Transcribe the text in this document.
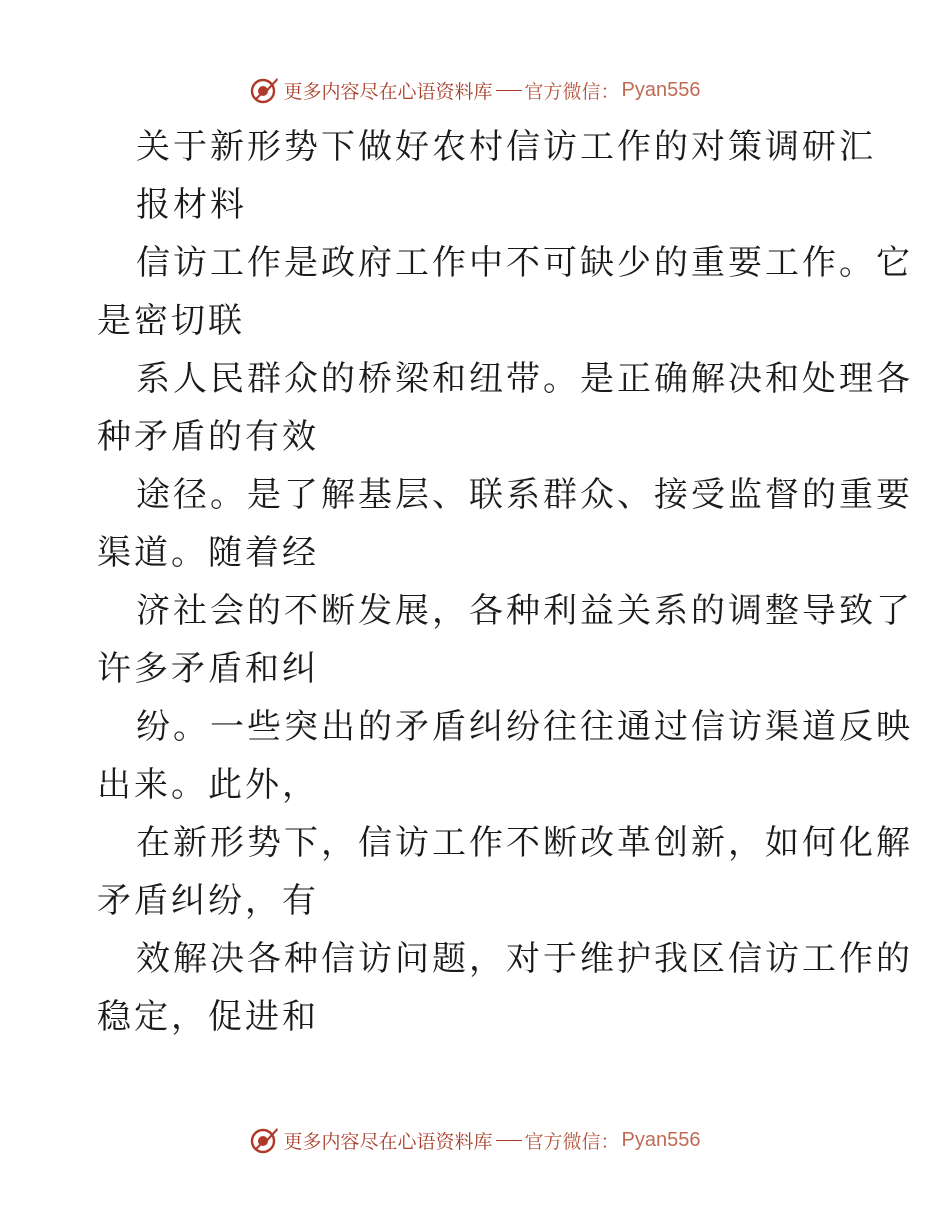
更多内容尽在心语资料库 官方微信： Pyan556
关于新形势下做好农村信访工作的对策调研汇
报材料
信访工作是政府工作中不可缺少的重要工作。它
是密切联
系人民群众的桥梁和纽带。是正确解决和处理各
种矛盾的有效
途径。是了解基层、联系群众、接受监督的重要
渠道。随着经
济社会的不断发展，各种利益关系的调整导致了
许多矛盾和纠
纷。一些突出的矛盾纠纷往往通过信访渠道反映
出来。此外，
在新形势下，信访工作不断改革创新，如何化解
矛盾纠纷，有
效解决各种信访问题，对于维护我区信访工作的
稳定，促进和
更多内容尽在心语资料库 官方微信： Pyan556
